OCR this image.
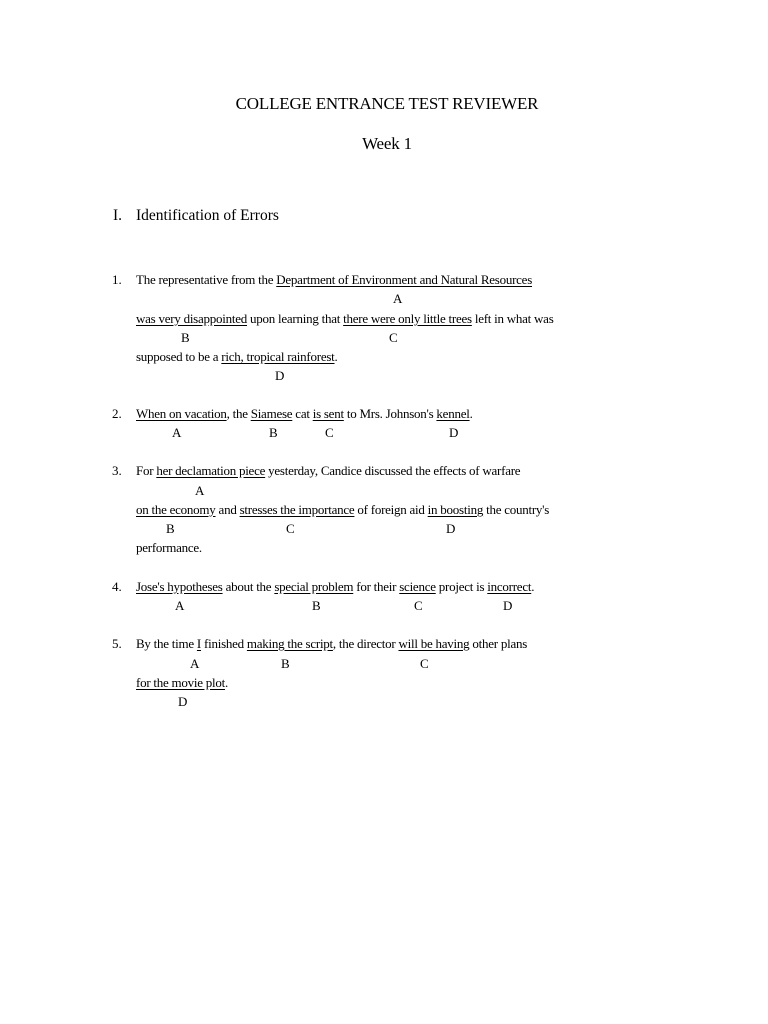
COLLEGE ENTRANCE TEST REVIEWER
Week 1
I. Identification of Errors
1. The representative from the Department of Environment and Natural Resources
A
was very disappointed upon learning that there were only little trees left in what was
B	C
supposed to be a rich, tropical rainforest.
D
2. When on vacation, the Siamese cat is sent to Mrs. Johnson's kennel.
A	B	C	D
3. For her declamation piece yesterday, Candice discussed the effects of warfare
A
on the economy and stresses the importance of foreign aid in boosting the country's
B	C	D
performance.
4. Jose's hypotheses about the special problem for their science project is incorrect.
A	B	C	D
5. By the time I finished making the script, the director will be having other plans
A	B	C
for the movie plot.
D
